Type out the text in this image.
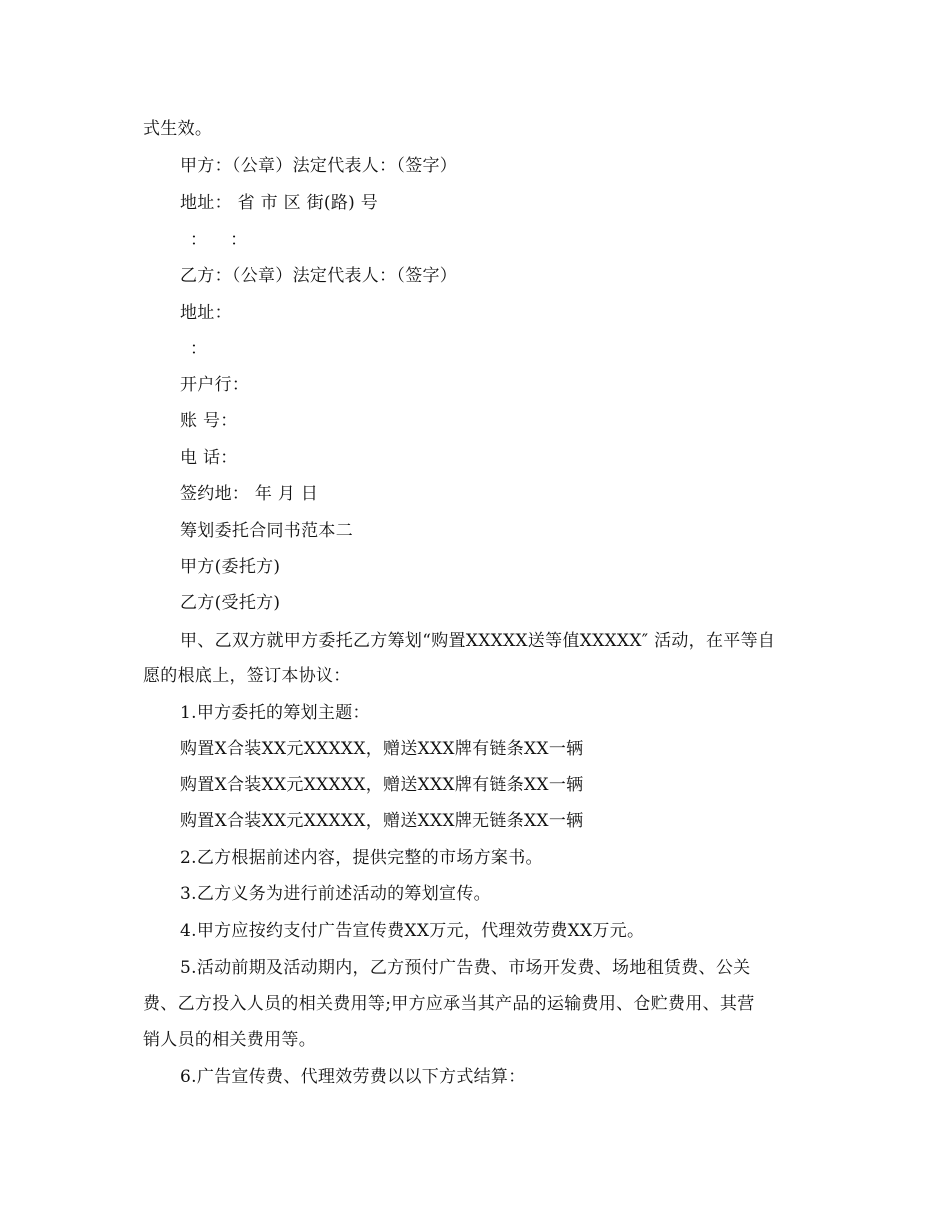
式生效。
甲方：（公章）法定代表人：（签字）
地址： 省 市 区 街(路) 号
：    ：
乙方：（公章）法定代表人：（签字）
地址：
：
开户行：
账 号：
电 话：
签约地： 年 月 日
筹划委托合同书范本二
甲方(委托方)
乙方(受托方)
甲、乙双方就甲方委托乙方筹划“购置XXXXX送等值XXXXX″ 活动，在平等自
愿的根底上，签订本协议：
1.甲方委托的筹划主题：
购置X合装XX元XXXXX，赠送XXX牌有链条XX一辆
购置X合装XX元XXXXX，赠送XXX牌有链条XX一辆
购置X合装XX元XXXXX，赠送XXX牌无链条XX一辆
2.乙方根据前述内容，提供完整的市场方案书。
3.乙方义务为进行前述活动的筹划宣传。
4.甲方应按约支付广告宣传费XX万元，代理效劳费XX万元。
5.活动前期及活动期内，乙方预付广告费、市场开发费、场地租赁费、公关
费、乙方投入人员的相关费用等;甲方应承当其产品的运输费用、仓贮费用、其营
销人员的相关费用等。
6.广告宣传费、代理效劳费以以下方式结算：
